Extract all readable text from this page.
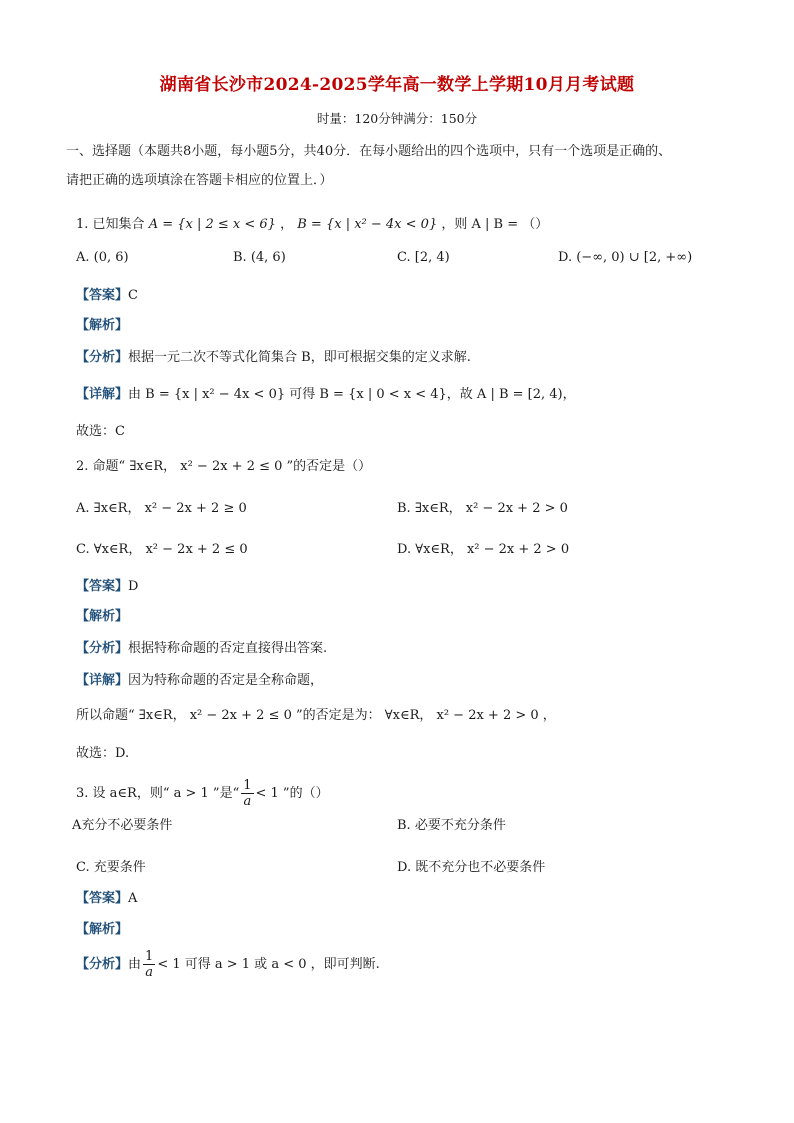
湖南省长沙市2024-2025学年高一数学上学期10月月考试题
时量：120分钟满分：150分
一、选择题（本题共8小题，每小题5分，共40分．在每小题给出的四个选项中，只有一个选项是正确的、
请把正确的选项填涂在答题卡相应的位置上．）
1. 已知集合 A = {x | 2 ≤ x < 6} ， B = {x | x² − 4x < 0} ，则 A | B = （）
A. (0, 6)	B. (4, 6)	C. [2, 4)	D. (−∞, 0) ∪ [2, +∞)
【答案】C
【解析】
【分析】根据一元二次不等式化简集合 B，即可根据交集的定义求解.
【详解】由 B = {x | x² − 4x < 0} 可得 B = {x | 0 < x < 4}，故 A | B = [2, 4)，
故选：C
2. 命题“ ∃x∈R， x² − 2x + 2 ≤ 0 ”的否定是（）
A. ∃x∈R， x² − 2x + 2 ≥ 0	B. ∃x∈R， x² − 2x + 2 > 0
C. ∀x∈R， x² − 2x + 2 ≤ 0	D. ∀x∈R， x² − 2x + 2 > 0
【答案】D
【解析】
【分析】根据特称命题的否定直接得出答案.
【详解】因为特称命题的否定是全称命题，
所以命题“ ∃x∈R， x² − 2x + 2 ≤ 0 ”的否定是为： ∀x∈R， x² − 2x + 2 > 0 ，
故选：D.
3. 设 a∈R，则“ a > 1 ”是“ $\frac{1}{a} < 1$ ”的（）
A充分不必要条件	B. 必要不充分条件
C. 充要条件	D. 既不充分也不必要条件
【答案】A
【解析】
【分析】由 $\frac{1}{a} < 1$ 可得 a > 1 或 a < 0 ，即可判断.
